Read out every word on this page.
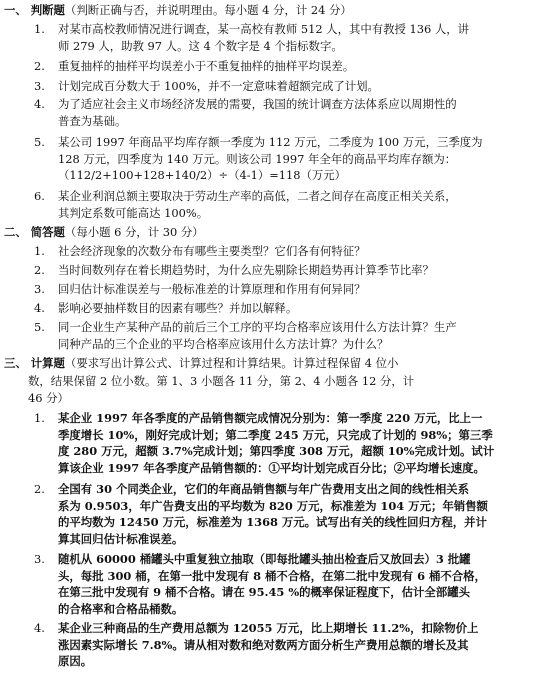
一、 判断题（判断正确与否，并说明理由。每小题 4 分，计 24 分）
1.	对某市高校教师情况进行调查，某一高校有教师 512 人，其中有教授 136 人，讲
师 279 人，助教 97 人。这 4 个数字是 4 个指标数字。
2.	重复抽样的抽样平均误差小于不重复抽样的抽样平均误差。
3.	计划完成百分数大于 100%，并不一定意味着超额完成了计划。
4.	为了适应社会主义市场经济发展的需要，我国的统计调查方法体系应以周期性的
普查为基础。
5.	某公司 1997 年商品平均库存额一季度为 112 万元，二季度为 100 万元，三季度为
128 万元，四季度为 140 万元。则该公司 1997 年全年的商品平均库存额为：
（112/2+100+128+140/2）÷（4-1）=118（万元）
6.	某企业利润总额主要取决于劳动生产率的高低，二者之间存在高度正相关关系，
其判定系数可能高达 100%。
二、 简答题（每小题 6 分，计 30 分）
1.	社会经济现象的次数分布有哪些主要类型？它们各有何特征？
2.	当时间数列存在着长期趋势时，为什么应先剔除长期趋势再计算季节比率？
3.	回归估计标准误差与一般标准差的计算原理和作用有何异同？
4.	影响必要抽样数目的因素有哪些？并加以解释。
5.	同一企业生产某种产品的前后三个工序的平均合格率应该用什么方法计算？生产
同种产品的三个企业的平均合格率应该用什么方法计算？为什么？
三、 计算题（要求写出计算公式、计算过程和计算结果。计算过程保留 4 位小
数，结果保留 2 位小数。第 1、3 小题各 11 分，第 2、4 小题各 12 分，计
46 分）
1.	某企业 1997 年各季度的产品销售额完成情况分别为：第一季度 220 万元，比上一
季度增长 10%，刚好完成计划；第二季度 245 万元，只完成了计划的 98%；第三季
度 280 万元，超额 3.7%完成计划；第四季度 308 万元，超额 10%完成计划。试计
算该企业 1997 年各季度产品销售额的：①平均计划完成百分比；②平均增长速度。
2.	全国有 30 个同类企业，它们的年商品销售额与年广告费用支出之间的线性相关系
系为 0.9503，年广告费支出的平均数为 820 万元，标准差为 104 万元；年销售额
的平均数为 12450 万元，标准差为 1368 万元。试写出有关的线性回归方程，并计
算其回归估计标准误差。
3.	随机从 60000 桶罐头中重复独立抽取（即每批罐头抽出检查后又放回去）3 批罐
头，每批 300 桶，在第一批中发现有 8 桶不合格，在第二批中发现有 6 桶不合格，
在第三批中发现有 9 桶不合格。请在 95.45 %的概率保证程度下，估计全部罐头
的合格率和合格品桶数。
4.	某企业三种商品的生产费用总额为 12055 万元，比上期增长 11.2%，扣除物价上
涨因素实际增长 7.8%。请从相对数和绝对数两方面分析生产费用总额的增长及其
原因。
